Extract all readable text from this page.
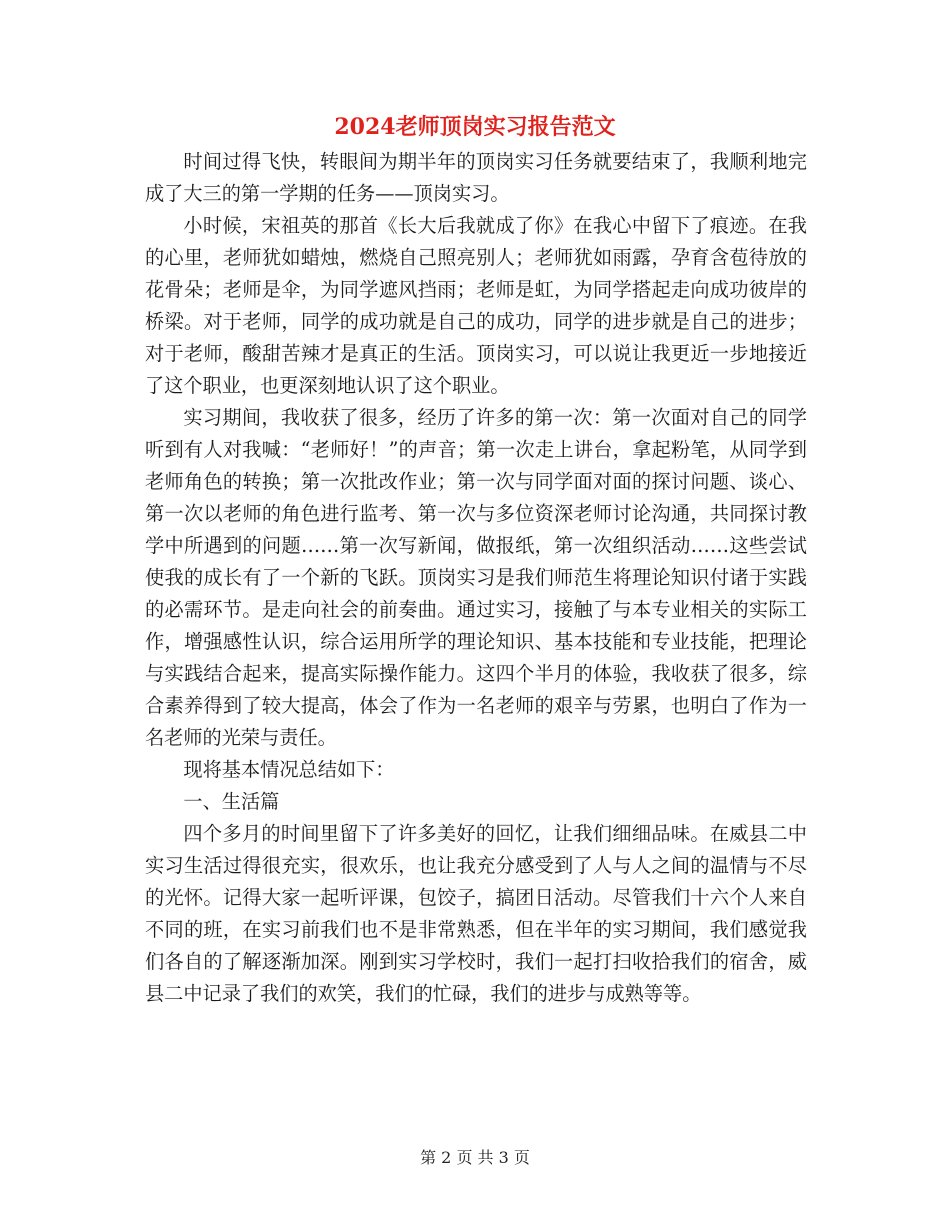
2024老师顶岗实习报告范文

时间过得飞快，转眼间为期半年的顶岗实习任务就要结束了，我顺利地完成了大三的第一学期的任务——顶岗实习。

小时候，宋祖英的那首《长大后我就成了你》在我心中留下了痕迹。在我的心里，老师犹如蜡烛，燃烧自己照亮别人；老师犹如雨露，孕育含苞待放的花骨朵；老师是伞，为同学遮风挡雨；老师是虹，为同学搭起走向成功彼岸的桥梁。对于老师，同学的成功就是自己的成功，同学的进步就是自己的进步；对于老师，酸甜苦辣才是真正的生活。顶岗实习，可以说让我更近一步地接近了这个职业，也更深刻地认识了这个职业。

实习期间，我收获了很多，经历了许多的第一次：第一次面对自己的同学听到有人对我喊：“老师好！”的声音；第一次走上讲台，拿起粉笔，从同学到老师角色的转换；第一次批改作业；第一次与同学面对面的探讨问题、谈心、第一次以老师的角色进行监考、第一次与多位资深老师讨论沟通，共同探讨教学中所遇到的问题……第一次写新闻，做报纸，第一次组织活动……这些尝试使我的成长有了一个新的飞跃。顶岗实习是我们师范生将理论知识付诸于实践的必需环节。是走向社会的前奏曲。通过实习，接触了与本专业相关的实际工作，增强感性认识，综合运用所学的理论知识、基本技能和专业技能，把理论与实践结合起来，提高实际操作能力。这四个半月的体验，我收获了很多，综合素养得到了较大提高，体会了作为一名老师的艰辛与劳累，也明白了作为一名老师的光荣与责任。

现将基本情况总结如下：

一、生活篇

四个多月的时间里留下了许多美好的回忆，让我们细细品味。在威县二中实习生活过得很充实，很欢乐，也让我充分感受到了人与人之间的温情与不尽的光怀。记得大家一起听评课，包饺子，搞团日活动。尽管我们十六个人来自不同的班，在实习前我们也不是非常熟悉，但在半年的实习期间，我们感觉我们各自的了解逐渐加深。刚到实习学校时，我们一起打扫收拾我们的宿舍，威县二中记录了我们的欢笑，我们的忙碌，我们的进步与成熟等等。

第 2 页 共 3 页
